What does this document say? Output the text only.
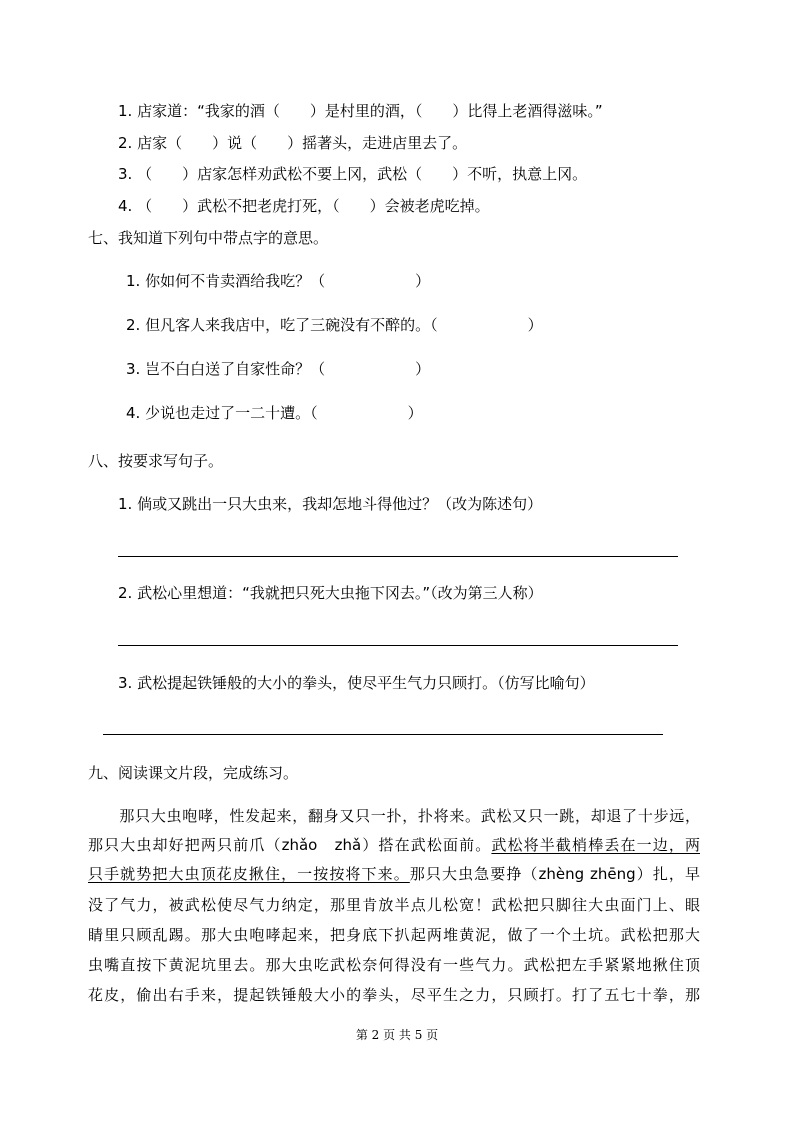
1. 店家道：“我家的酒（　　）是村里的酒，（　　）比得上老酒得滋味。”
2. 店家（　　）说（　　）摇著头，走进店里去了。
3. （　　）店家怎样劝武松不要上冈，武松（　　）不听，执意上冈。
4. （　　）武松不把老虎打死，（　　）会被老虎吃掉。
七、我知道下列句中带点字的意思。
1. 你如何不肯卖酒给我吃？（　　　　　　）
2. 但凡客人来我店中，吃了三碗没有不醉的。（　　　　　　）
3. 岂不白白送了自家性命？（　　　　　　）
4. 少说也走过了一二十遭。（　　　　　　）
八、按要求写句子。
1. 倘或又跳出一只大虫来，我却怎地斗得他过？（改为陈述句）
2. 武松心里想道：“我就把只死大虫拖下冈去。”（改为第三人称）
3. 武松提起铁锤般的大小的拳头，使尽平生气力只顾打。（仿写比喻句）
九、阅读课文片段，完成练习。
　　那只大虫咆哮，性发起来，翻身又只一扑，扑将来。武松又只一跳，却退了十步远，
那只大虫却好把两只前爪（zhǎo　zhǎ）搭在武松面前。武松将半截梢棒丢在一边，两
只手就势把大虫顶花皮揪住，一按按将下来。那只大虫急要挣（zhèng zhēng）扎，早
没了气力，被武松使尽气力纳定，那里肯放半点儿松宽！武松把只脚往大虫面门上、眼
睛里只顾乱踢。那大虫咆哮起来，把身底下扒起两堆黄泥，做了一个土坑。武松把那大
虫嘴直按下黄泥坑里去。那大虫吃武松奈何得没有一些气力。武松把左手紧紧地揪住顶
花皮，偷出右手来，提起铁锤般大小的拳头，尽平生之力，只顾打。打了五七十拳，那
第 2 页 共 5 页
